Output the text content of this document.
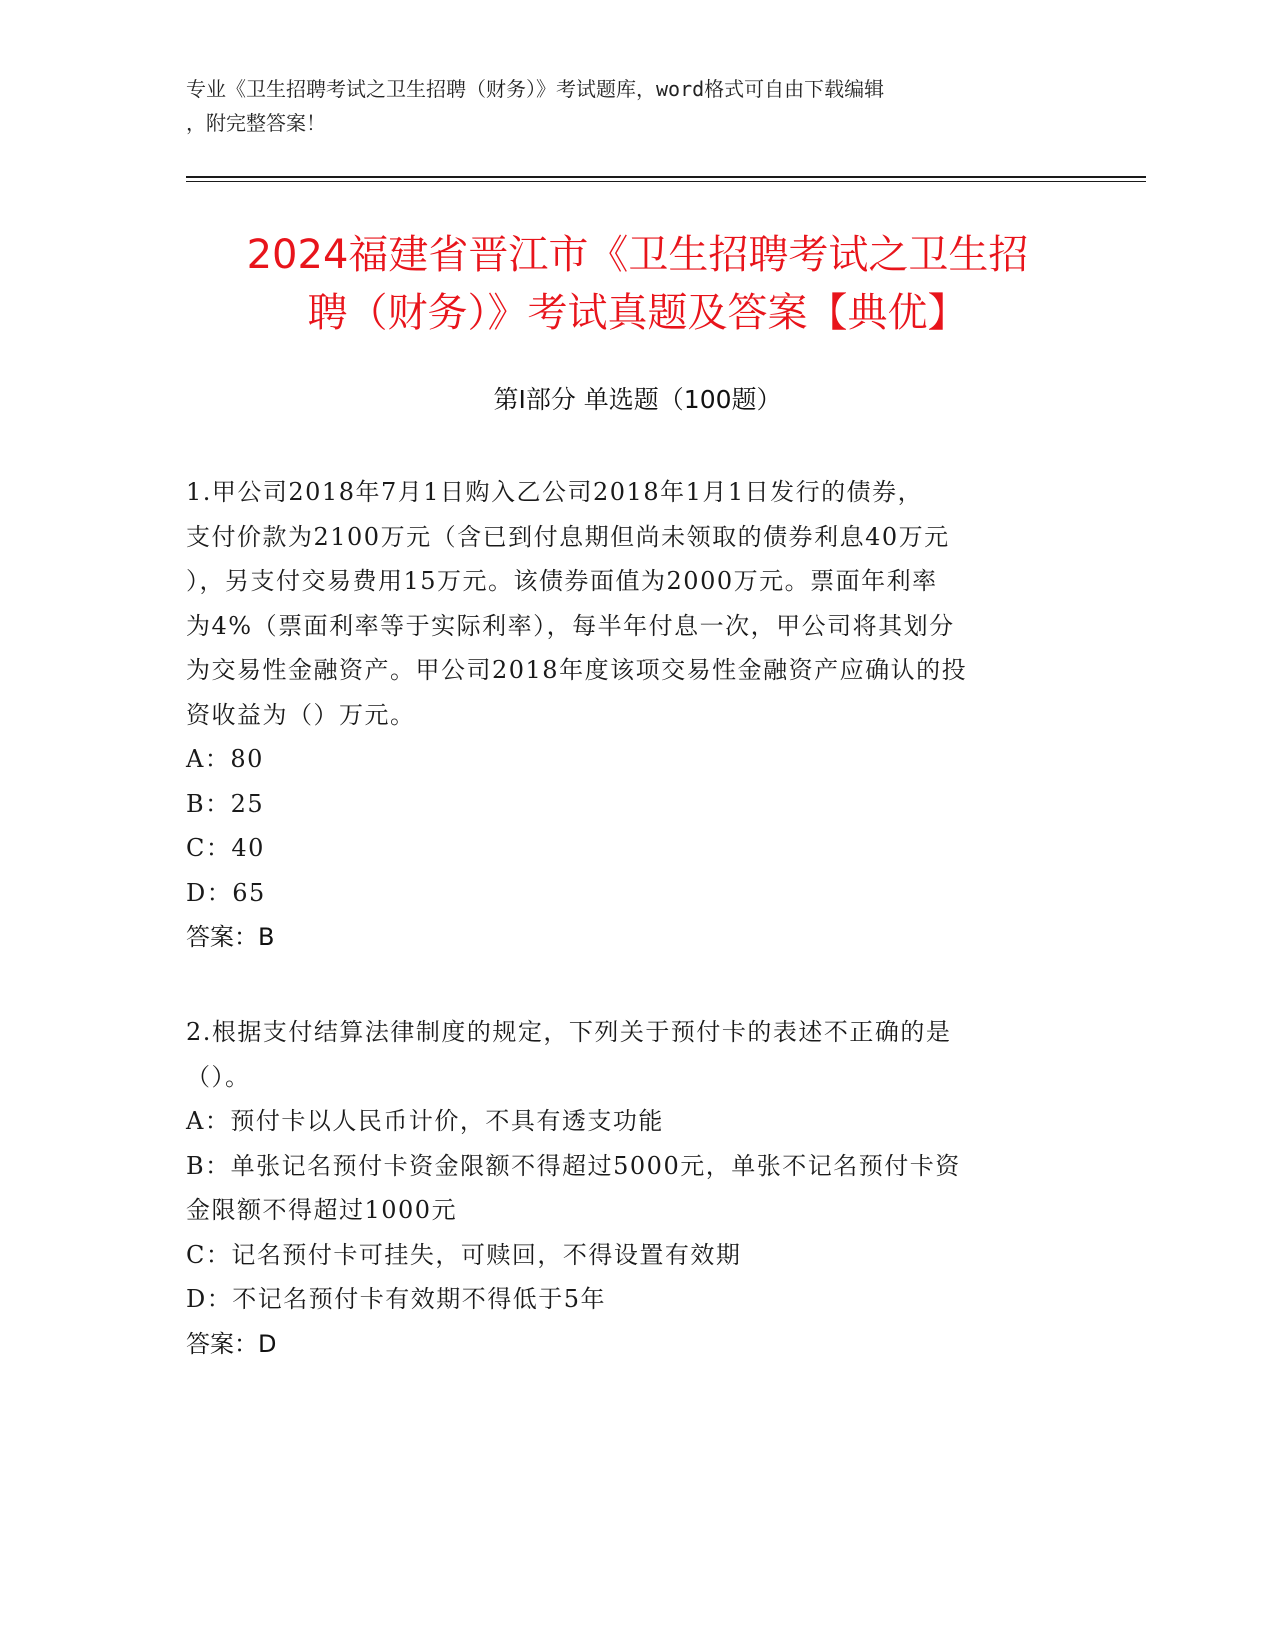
专业《卫生招聘考试之卫生招聘（财务）》考试题库，word格式可自由下载编辑
，附完整答案！
2024福建省晋江市《卫生招聘考试之卫生招
聘（财务）》考试真题及答案【典优】
第Ⅰ部分 单选题（100题）

1.甲公司2018年7月1日购入乙公司2018年1月1日发行的债券，

支付价款为2100万元（含已到付息期但尚未领取的债券利息40万元

），另支付交易费用15万元。该债券面值为2000万元。票面年利率

为4%（票面利率等于实际利率），每半年付息一次，甲公司将其划分

为交易性金融资产。甲公司2018年度该项交易性金融资产应确认的投

资收益为（）万元。

A：80

B：25

C：40

D：65

答案：B

2.根据支付结算法律制度的规定，下列关于预付卡的表述不正确的是

（）。

A：预付卡以人民币计价，不具有透支功能

B：单张记名预付卡资金限额不得超过5000元，单张不记名预付卡资

金限额不得超过1000元

C：记名预付卡可挂失，可赎回，不得设置有效期

D：不记名预付卡有效期不得低于5年

答案：D
